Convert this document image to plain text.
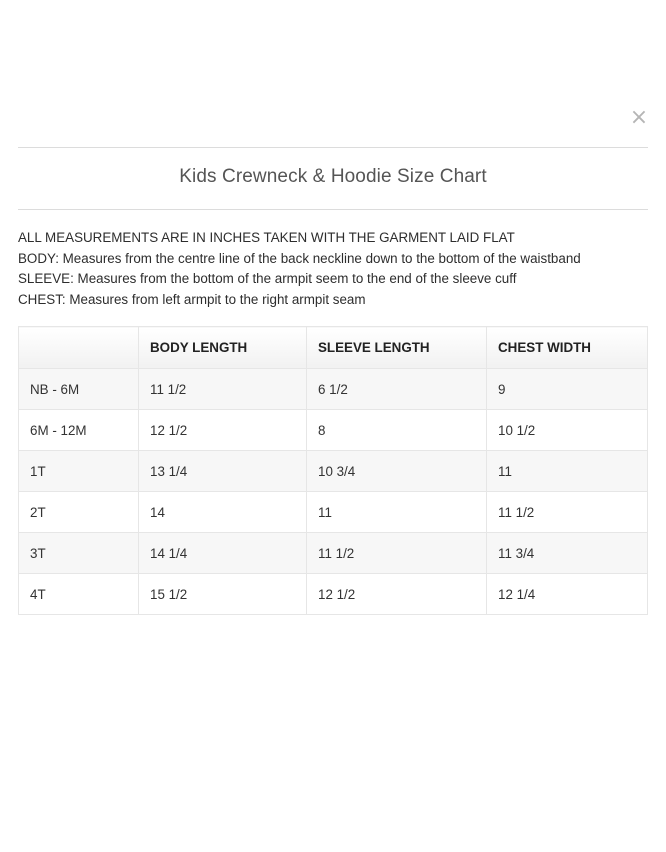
×
Kids Crewneck & Hoodie Size Chart
ALL MEASUREMENTS ARE IN INCHES TAKEN WITH THE GARMENT LAID FLAT
BODY: Measures from the centre line of the back neckline down to the bottom of the waistband
SLEEVE: Measures from the bottom of the armpit seem to the end of the sleeve cuff
CHEST: Measures from left armpit to the right armpit seam
	BODY LENGTH	SLEEVE LENGTH	CHEST WIDTH
NB - 6M	11 1/2	6 1/2	9
6M - 12M	12 1/2	8	10 1/2
1T	13 1/4	10 3/4	11
2T	14	11	11 1/2
3T	14 1/4	11 1/2	11 3/4
4T	15 1/2	12 1/2	12 1/4
